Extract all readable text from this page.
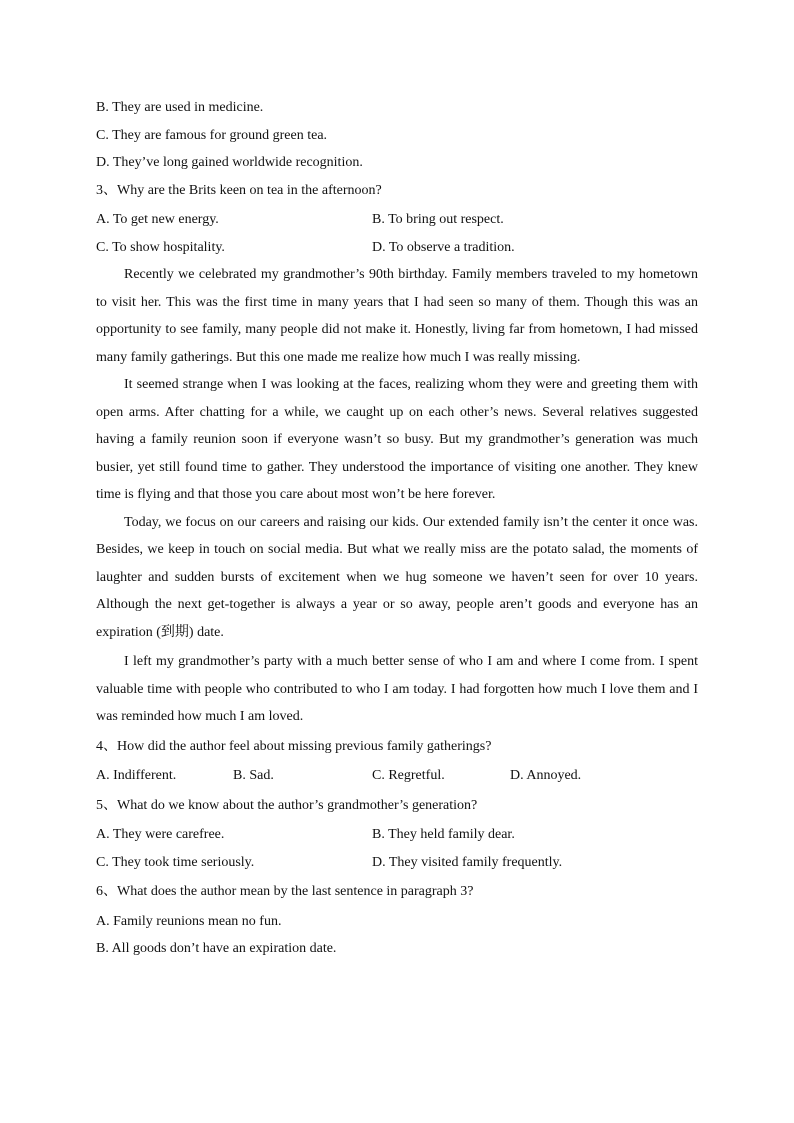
B. They are used in medicine.
C. They are famous for ground green tea.
D. They’ve long gained worldwide recognition.
3、Why are the Brits keen on tea in the afternoon?
A. To get new energy.	B. To bring out respect.
C. To show hospitality.	D. To observe a tradition.

Recently we celebrated my grandmother’s 90th birthday. Family members traveled to my hometown to visit her. This was the first time in many years that I had seen so many of them. Though this was an opportunity to see family, many people did not make it. Honestly, living far from hometown, I had missed many family gatherings. But this one made me realize how much I was really missing.

It seemed strange when I was looking at the faces, realizing whom they were and greeting them with open arms. After chatting for a while, we caught up on each other’s news. Several relatives suggested having a family reunion soon if everyone wasn’t so busy. But my grandmother’s generation was much busier, yet still found time to gather. They understood the importance of visiting one another. They knew time is flying and that those you care about most won’t be here forever.

Today, we focus on our careers and raising our kids. Our extended family isn’t the center it once was. Besides, we keep in touch on social media. But what we really miss are the potato salad, the moments of laughter and sudden bursts of excitement when we hug someone we haven’t seen for over 10 years. Although the next get-together is always a year or so away, people aren’t goods and everyone has an expiration (到期) date.

I left my grandmother’s party with a much better sense of who I am and where I come from. I spent valuable time with people who contributed to who I am today. I had forgotten how much I love them and I was reminded how much I am loved.

4、How did the author feel about missing previous family gatherings?
A. Indifferent.	B. Sad.	C. Regretful.	D. Annoyed.
5、What do we know about the author’s grandmother’s generation?
A. They were carefree.	B. They held family dear.
C. They took time seriously.	D. They visited family frequently.
6、What does the author mean by the last sentence in paragraph 3?
A. Family reunions mean no fun.
B. All goods don’t have an expiration date.
